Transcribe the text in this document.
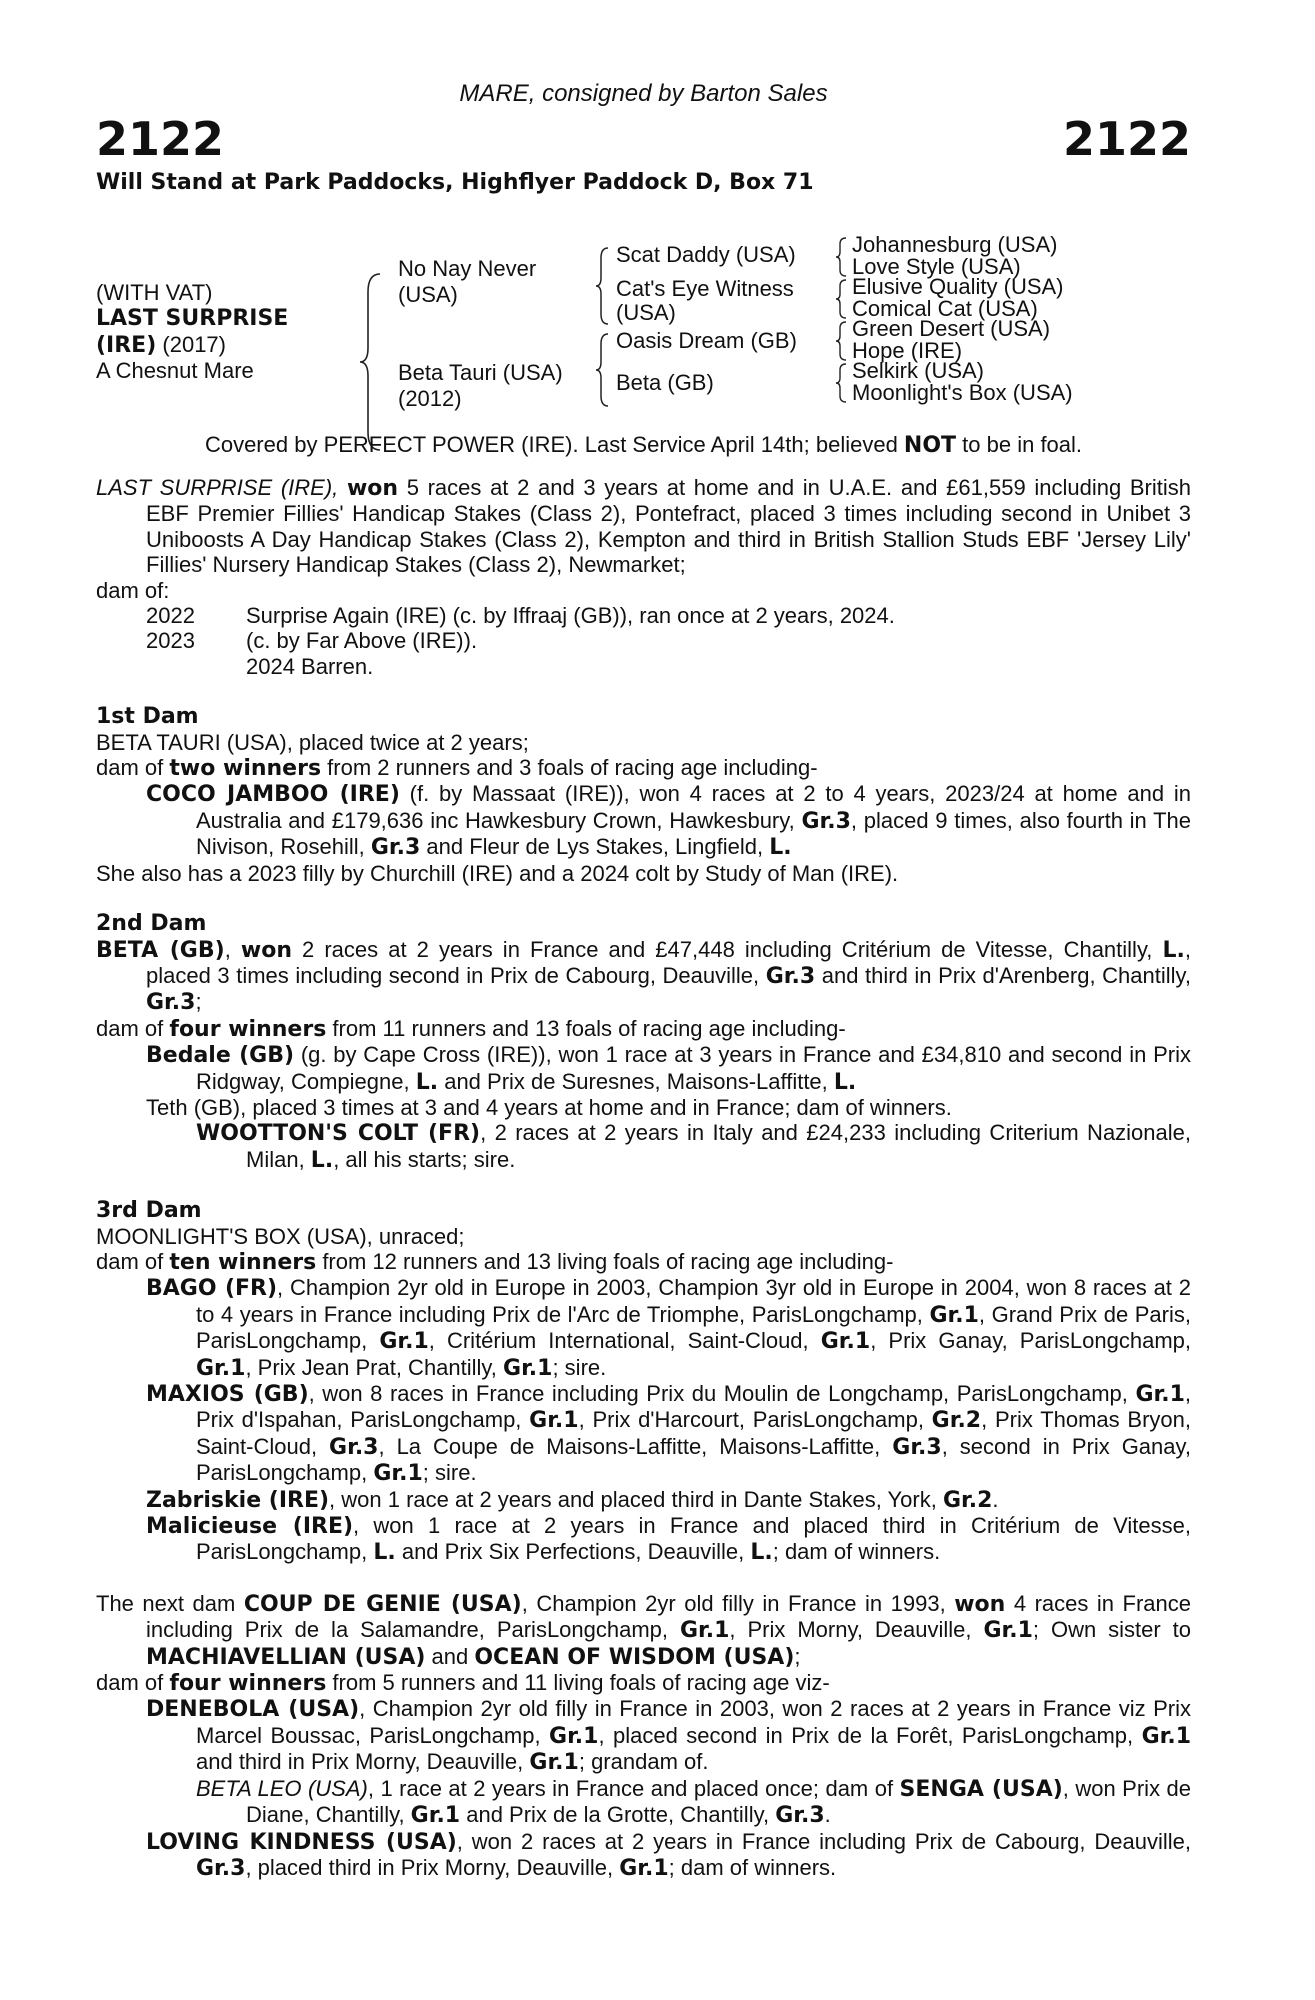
MARE, consigned by Barton Sales
2122	2122
Will Stand at Park Paddocks, Highflyer Paddock D, Box 71
(WITH VAT)
LAST SURPRISE
(IRE) (2017)
A Chesnut Mare
No Nay Never
(USA)
Beta Tauri (USA)
(2012)
Scat Daddy (USA)
Cat's Eye Witness
(USA)
Oasis Dream (GB)
Beta (GB)
Johannesburg (USA)
Love Style (USA)
Elusive Quality (USA)
Comical Cat (USA)
Green Desert (USA)
Hope (IRE)
Selkirk (USA)
Moonlight's Box (USA)
Covered by PERFECT POWER (IRE). Last Service April 14th; believed NOT to be in foal.

LAST SURPRISE (IRE), won 5 races at 2 and 3 years at home and in U.A.E. and £61,559 including British EBF Premier Fillies' Handicap Stakes (Class 2), Pontefract, placed 3 times including second in Unibet 3 Uniboosts A Day Handicap Stakes (Class 2), Kempton and third in British Stallion Studs EBF 'Jersey Lily' Fillies' Nursery Handicap Stakes (Class 2), Newmarket;

dam of:

2022	Surprise Again (IRE) (c. by Iffraaj (GB)), ran once at 2 years, 2024.
2023	(c. by Far Above (IRE)).
2024 Barren.

1st Dam

BETA TAURI (USA), placed twice at 2 years;

dam of two winners from 2 runners and 3 foals of racing age including-

COCO JAMBOO (IRE) (f. by Massaat (IRE)), won 4 races at 2 to 4 years, 2023/24 at home and in Australia and £179,636 inc Hawkesbury Crown, Hawkesbury, Gr.3, placed 9 times, also fourth in The Nivison, Rosehill, Gr.3 and Fleur de Lys Stakes, Lingfield, L.

She also has a 2023 filly by Churchill (IRE) and a 2024 colt by Study of Man (IRE).

2nd Dam

BETA (GB), won 2 races at 2 years in France and £47,448 including Critérium de Vitesse, Chantilly, L., placed 3 times including second in Prix de Cabourg, Deauville, Gr.3 and third in Prix d'Arenberg, Chantilly, Gr.3;

dam of four winners from 11 runners and 13 foals of racing age including-

Bedale (GB) (g. by Cape Cross (IRE)), won 1 race at 3 years in France and £34,810 and second in Prix Ridgway, Compiegne, L. and Prix de Suresnes, Maisons-Laffitte, L.

Teth (GB), placed 3 times at 3 and 4 years at home and in France; dam of winners.

WOOTTON'S COLT (FR), 2 races at 2 years in Italy and £24,233 including Criterium Nazionale, Milan, L., all his starts; sire.

3rd Dam

MOONLIGHT'S BOX (USA), unraced;

dam of ten winners from 12 runners and 13 living foals of racing age including-

BAGO (FR), Champion 2yr old in Europe in 2003, Champion 3yr old in Europe in 2004, won 8 races at 2 to 4 years in France including Prix de l'Arc de Triomphe, ParisLongchamp, Gr.1, Grand Prix de Paris, ParisLongchamp, Gr.1, Critérium International, Saint-Cloud, Gr.1, Prix Ganay, ParisLongchamp, Gr.1, Prix Jean Prat, Chantilly, Gr.1; sire.

MAXIOS (GB), won 8 races in France including Prix du Moulin de Longchamp, ParisLongchamp, Gr.1, Prix d'Ispahan, ParisLongchamp, Gr.1, Prix d'Harcourt, ParisLongchamp, Gr.2, Prix Thomas Bryon, Saint-Cloud, Gr.3, La Coupe de Maisons-Laffitte, Maisons-Laffitte, Gr.3, second in Prix Ganay, ParisLongchamp, Gr.1; sire.

Zabriskie (IRE), won 1 race at 2 years and placed third in Dante Stakes, York, Gr.2.

Malicieuse (IRE), won 1 race at 2 years in France and placed third in Critérium de Vitesse, ParisLongchamp, L. and Prix Six Perfections, Deauville, L.; dam of winners.

The next dam COUP DE GENIE (USA), Champion 2yr old filly in France in 1993, won 4 races in France including Prix de la Salamandre, ParisLongchamp, Gr.1, Prix Morny, Deauville, Gr.1; Own sister to MACHIAVELLIAN (USA) and OCEAN OF WISDOM (USA);

dam of four winners from 5 runners and 11 living foals of racing age viz-

DENEBOLA (USA), Champion 2yr old filly in France in 2003, won 2 races at 2 years in France viz Prix Marcel Boussac, ParisLongchamp, Gr.1, placed second in Prix de la Forêt, ParisLongchamp, Gr.1 and third in Prix Morny, Deauville, Gr.1; grandam of.

BETA LEO (USA), 1 race at 2 years in France and placed once; dam of SENGA (USA), won Prix de Diane, Chantilly, Gr.1 and Prix de la Grotte, Chantilly, Gr.3.

LOVING KINDNESS (USA), won 2 races at 2 years in France including Prix de Cabourg, Deauville, Gr.3, placed third in Prix Morny, Deauville, Gr.1; dam of winners.
